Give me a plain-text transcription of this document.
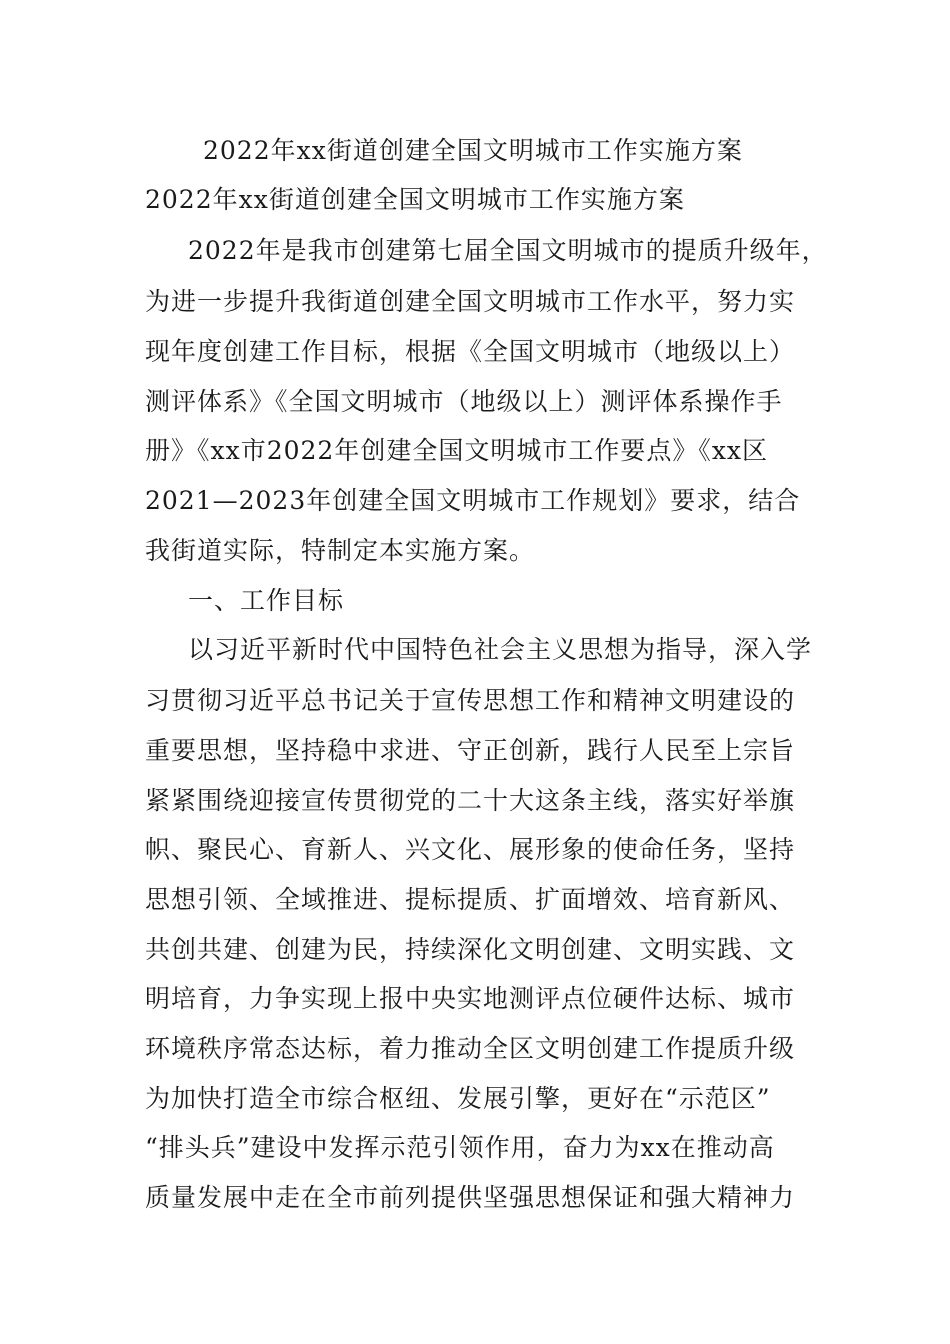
2022年xx街道创建全国文明城市工作实施方案
2022年xx街道创建全国文明城市工作实施方案
2022年是我市创建第七届全国文明城市的提质升级年，
为进一步提升我街道创建全国文明城市工作水平，努力实
现年度创建工作目标，根据《全国文明城市（地级以上）
测评体系》《全国文明城市（地级以上）测评体系操作手
册》《xx市2022年创建全国文明城市工作要点》《xx区
2021—2023年创建全国文明城市工作规划》要求，结合
我街道实际，特制定本实施方案。
一、工作目标
以习近平新时代中国特色社会主义思想为指导，深入学
习贯彻习近平总书记关于宣传思想工作和精神文明建设的
重要思想，坚持稳中求进、守正创新，践行人民至上宗旨
紧紧围绕迎接宣传贯彻党的二十大这条主线，落实好举旗
帜、聚民心、育新人、兴文化、展形象的使命任务，坚持
思想引领、全域推进、提标提质、扩面增效、培育新风、
共创共建、创建为民，持续深化文明创建、文明实践、文
明培育，力争实现上报中央实地测评点位硬件达标、城市
环境秩序常态达标，着力推动全区文明创建工作提质升级
为加快打造全市综合枢纽、发展引擎，更好在“示范区”
“排头兵”建设中发挥示范引领作用，奋力为xx在推动高
质量发展中走在全市前列提供坚强思想保证和强大精神力
